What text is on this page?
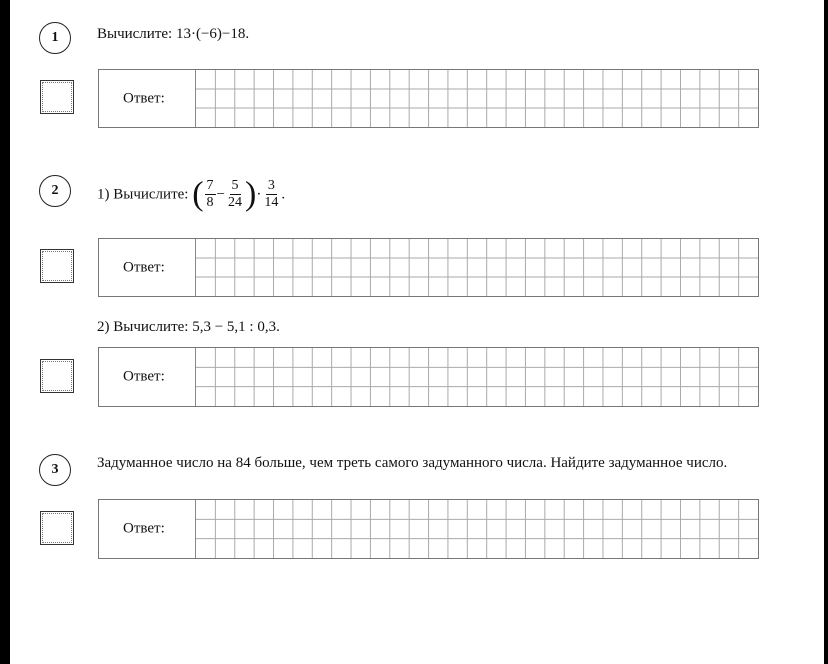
1	Вычислите: 13·(−6)−18.
Ответ:
2	1) Вычислите: ( $\frac{7}{8} - \frac{5}{24}$ )· $\frac{3}{14}$ .
Ответ:
2) Вычислите: 5,3 − 5,1 : 0,3.
Ответ:
3	Задуманное число на 84 больше, чем треть самого задуманного числа. Найдите задуманное число.
Ответ:
